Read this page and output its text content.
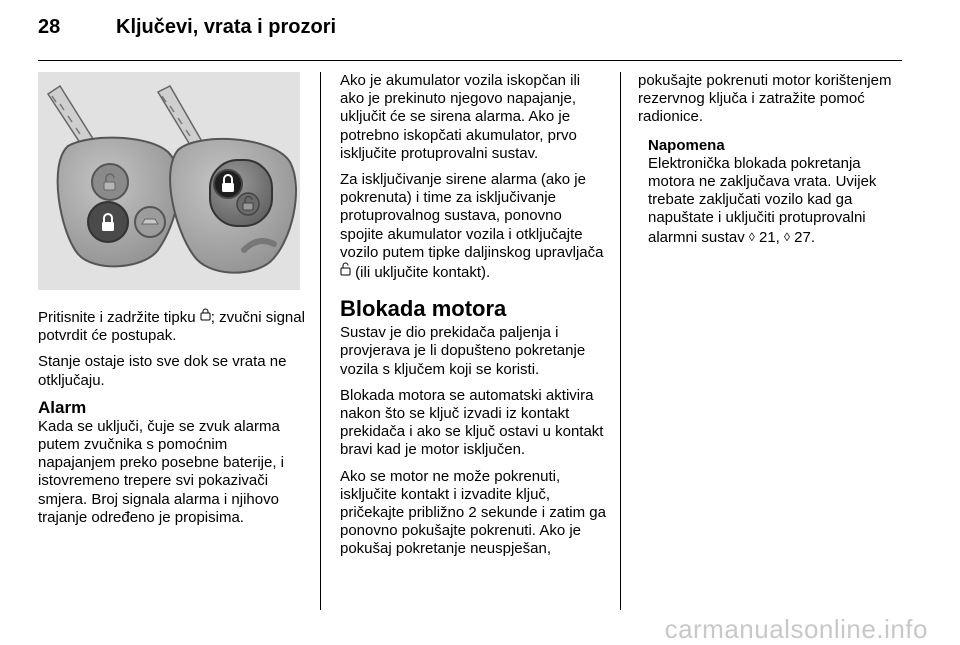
28	Ključevi, vrata i prozori

Pritisnite i zadržite tipku ; zvučni signal potvrdit će postupak.

Stanje ostaje isto sve dok se vrata ne otključaju.

Alarm

Kada se uključi, čuje se zvuk alarma putem zvučnika s pomoćnim napajanjem preko posebne baterije, i istovremeno trepere svi pokazivači smjera. Broj signala alarma i njihovo trajanje određeno je propisima.

Ako je akumulator vozila iskopčan ili ako je prekinuto njegovo napajanje, uključit će se sirena alarma. Ako je potrebno iskopčati akumulator, prvo isključite protuprovalni sustav.

Za isključivanje sirene alarma (ako je pokrenuta) i time za isključivanje protuprovalnog sustava, ponovno spojite akumulator vozila i otključajte vozilo putem tipke daljinskog upravljača  (ili uključite kontakt).

Blokada motora

Sustav je dio prekidača paljenja i provjerava je li dopušteno pokretanje vozila s ključem koji se koristi.

Blokada motora se automatski aktivira nakon što se ključ izvadi iz kontakt prekidača i ako se ključ ostavi u kontakt bravi kad je motor isključen.

Ako se motor ne može pokrenuti, isključite kontakt i izvadite ključ, pričekajte približno 2 sekunde i zatim ga ponovno pokušajte pokrenuti. Ako je pokušaj pokretanje neuspješan,

pokušajte pokrenuti motor korištenjem rezervnog ključa i zatražite pomoć radionice.

Napomena
Elektronička blokada pokretanja motora ne zaključava vrata. Uvijek trebate zaključati vozilo kad ga napuštate i uključiti protuprovalni alarmni sustav ◊ 21, ◊ 27.
carmanualsonline.info
